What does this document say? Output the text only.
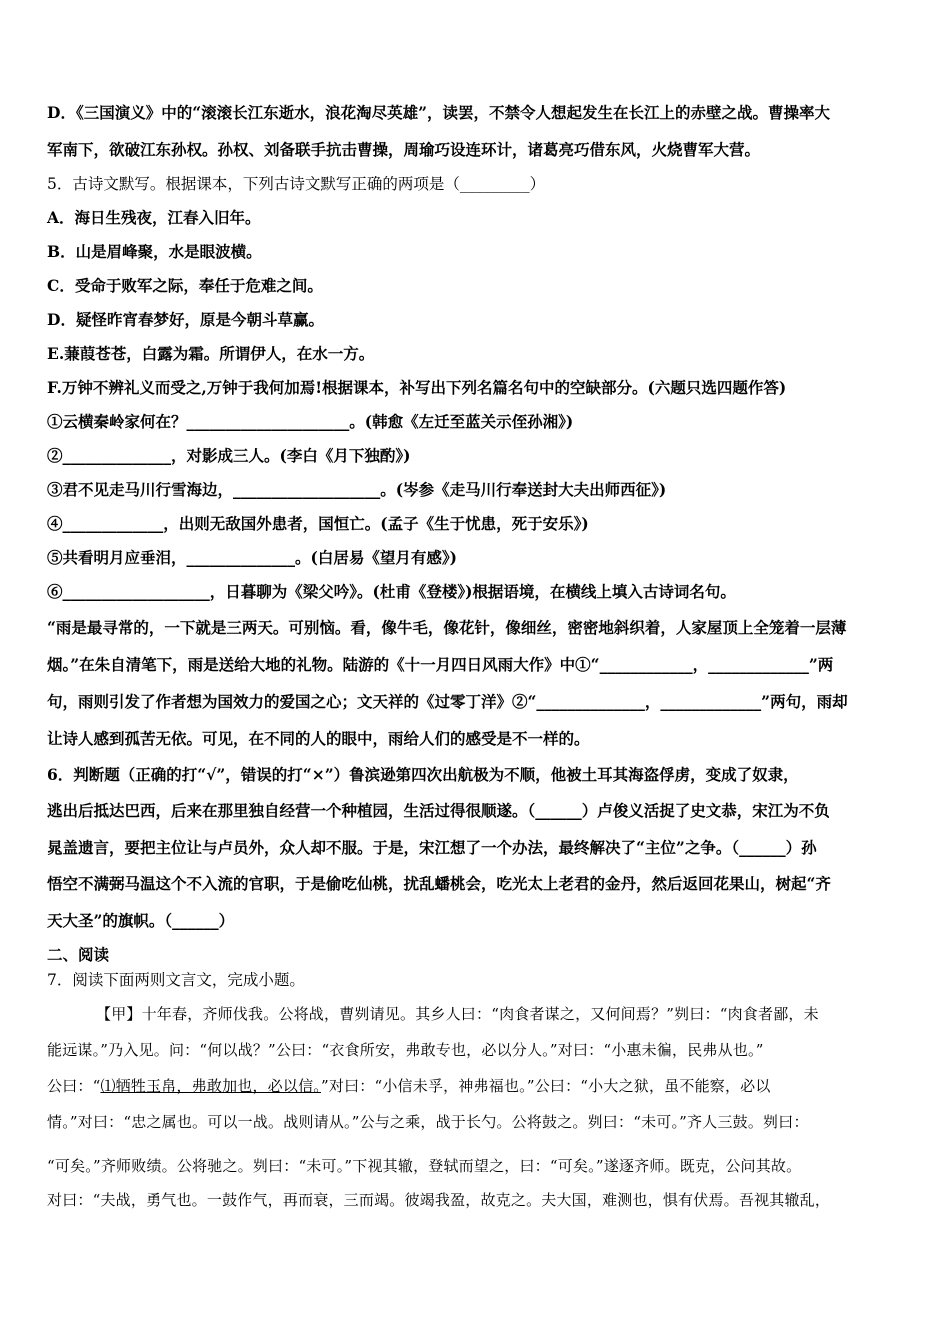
D．《三国演义》中的“滚滚长江东逝水，浪花淘尽英雄”，读罢，不禁令人想起发生在长江上的赤壁之战。曹操率大
军南下，欲破江东孙权。孙权、刘备联手抗击曹操，周瑜巧设连环计，诸葛亮巧借东风，火烧曹军大营。
5．古诗文默写。根据课本，下列古诗文默写正确的两项是（_________）
A．海日生残夜，江春入旧年。
B．山是眉峰聚，水是眼波横。
C．受命于败军之际，奉任于危难之间。
D．疑怪昨宵春梦好，原是今朝斗草赢。
E.蒹葭苍苍，白露为霜。所谓伊人，在水一方。
F.万钟不辨礼义而受之,万钟于我何加焉!根据课本，补写出下列名篇名句中的空缺部分。(六题只选四题作答)
①云横秦岭家何在？_____________________。(韩愈《左迁至蓝关示侄孙湘》)
②______________，对影成三人。(李白《月下独酌》)
③君不见走马川行雪海边，___________________。(岑参《走马川行奉送封大夫出师西征》)
④_____________，出则无敌国外患者，国恒亡。(孟子《生于忧患，死于安乐》)
⑤共看明月应垂泪，______________。(白居易《望月有感》)
⑥___________________，日暮聊为《梁父吟》。(杜甫《登楼》)根据语境，在横线上填入古诗词名句。
“雨是最寻常的，一下就是三两天。可别恼。看，像牛毛，像花针，像细丝，密密地斜织着，人家屋顶上全笼着一层薄
烟。”在朱自清笔下，雨是送给大地的礼物。陆游的《十一月四日风雨大作》中①“____________，_____________”两
句，雨则引发了作者想为国效力的爱国之心；文天祥的《过零丁洋》②“______________，_____________”两句，雨却
让诗人感到孤苦无依。可见，在不同的人的眼中，雨给人们的感受是不一样的。
6．判断题（正确的打“√”，错误的打“×”）鲁滨逊第四次出航极为不顺，他被土耳其海盗俘虏，变成了奴隶，
逃出后抵达巴西，后来在那里独自经营一个种植园，生活过得很顺遂。（______）卢俊义活捉了史文恭，宋江为不负
晁盖遗言，要把主位让与卢员外，众人却不服。于是，宋江想了一个办法，最终解决了“主位”之争。（______）孙
悟空不满弼马温这个不入流的官职，于是偷吃仙桃，扰乱蟠桃会，吃光太上老君的金丹，然后返回花果山，树起“齐
天大圣”的旗帜。（______）
二、阅读
7．阅读下面两则文言文，完成小题。
【甲】十年春，齐师伐我。公将战，曹刿请见。其乡人曰：“肉食者谋之，又何间焉？”刿曰：“肉食者鄙，未
能远谋。”乃入见。问：“何以战？”公曰：“衣食所安，弗敢专也，必以分人。”对曰：“小惠未徧，民弗从也。”
公曰：“⑴牺牲玉帛，弗敢加也，必以信。”对曰：“小信未孚，神弗福也。”公曰：“小大之狱，虽不能察，必以
情。”对曰：“忠之属也。可以一战。战则请从。”公与之乘，战于长勺。公将鼓之。刿曰：“未可。”齐人三鼓。刿曰：
“可矣。”齐师败绩。公将驰之。刿曰：“未可。”下视其辙，登轼而望之，曰：“可矣。”遂逐齐师。既克，公问其故。
对曰：“夫战，勇气也。一鼓作气，再而衰，三而竭。彼竭我盈，故克之。夫大国，难测也，惧有伏焉。吾视其辙乱，
